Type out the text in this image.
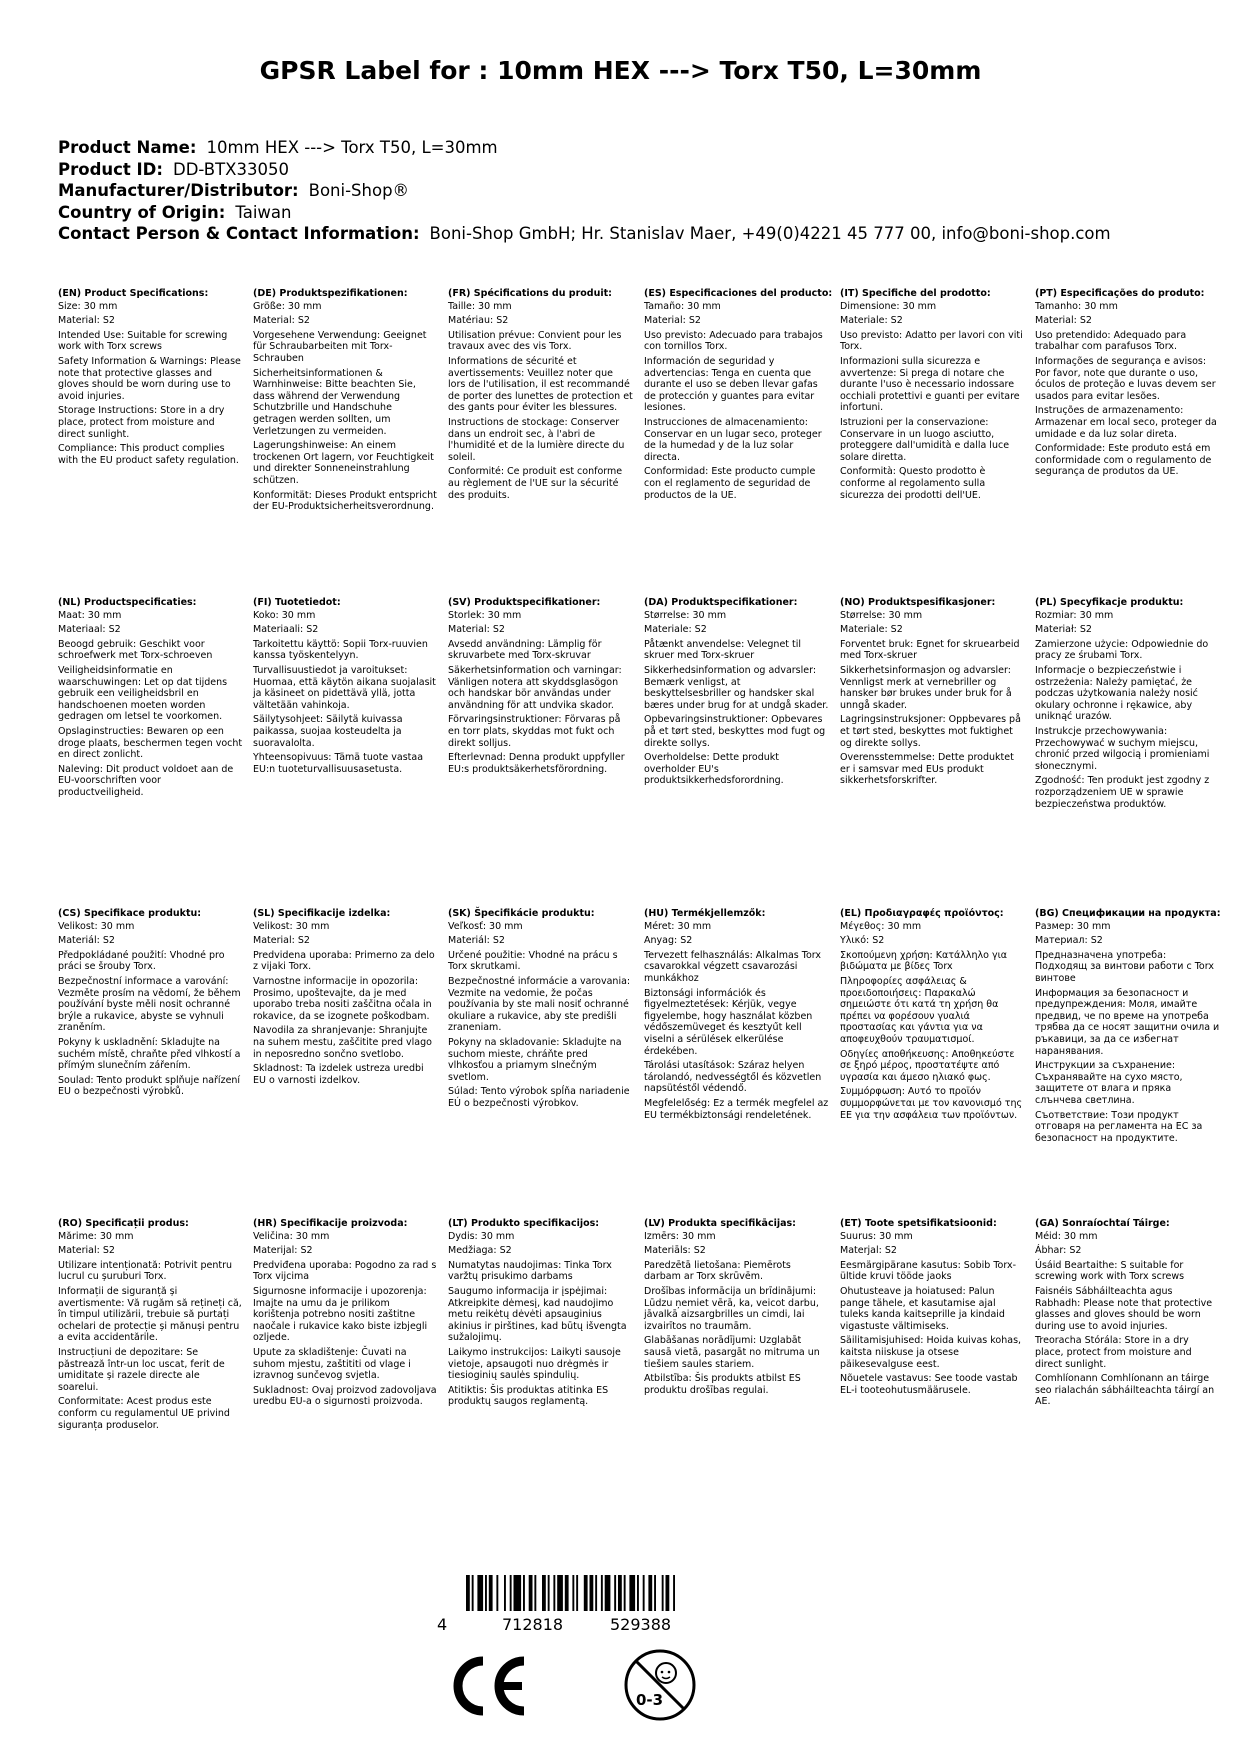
GPSR Label for : 10mm HEX ---> Torx T50, L=30mm
Product Name: 10mm HEX ---> Torx T50, L=30mm
Product ID: DD-BTX33050
Manufacturer/Distributor: Boni-Shop®
Country of Origin: Taiwan
Contact Person & Contact Information: Boni-Shop GmbH; Hr. Stanislav Maer, +49(0)4221 45 777 00, info@boni-shop.com
(EN) Product Specifications:
Size: 30 mm
Material: S2
Intended Use: Suitable for screwing work with Torx screws
Safety Information & Warnings: Please note that protective glasses and gloves should be worn during use to avoid injuries.
Storage Instructions: Store in a dry place, protect from moisture and direct sunlight.
Compliance: This product complies with the EU product safety regulation.
(DE) Produktspezifikationen:
Größe: 30 mm
Material: S2
Vorgesehene Verwendung: Geeignet für Schraubarbeiten mit Torx-Schrauben
Sicherheitsinformationen & Warnhinweise: Bitte beachten Sie, dass während der Verwendung Schutzbrille und Handschuhe getragen werden sollten, um Verletzungen zu vermeiden.
Lagerungshinweise: An einem trockenen Ort lagern, vor Feuchtigkeit und direkter Sonneneinstrahlung schützen.
Konformität: Dieses Produkt entspricht der EU-Produktsicherheitsverordnung.
(FR) Spécifications du produit:
Taille: 30 mm
Matériau: S2
Utilisation prévue: Convient pour les travaux avec des vis Torx.
Informations de sécurité et avertissements: Veuillez noter que lors de l'utilisation, il est recommandé de porter des lunettes de protection et des gants pour éviter les blessures.
Instructions de stockage: Conserver dans un endroit sec, à l'abri de l'humidité et de la lumière directe du soleil.
Conformité: Ce produit est conforme au règlement de l'UE sur la sécurité des produits.
(ES) Especificaciones del producto:
Tamaño: 30 mm
Material: S2
Uso previsto: Adecuado para trabajos con tornillos Torx.
Información de seguridad y advertencias: Tenga en cuenta que durante el uso se deben llevar gafas de protección y guantes para evitar lesiones.
Instrucciones de almacenamiento: Conservar en un lugar seco, proteger de la humedad y de la luz solar directa.
Conformidad: Este producto cumple con el reglamento de seguridad de productos de la UE.
(IT) Specifiche del prodotto:
Dimensione: 30 mm
Materiale: S2
Uso previsto: Adatto per lavori con viti Torx.
Informazioni sulla sicurezza e avvertenze: Si prega di notare che durante l'uso è necessario indossare occhiali protettivi e guanti per evitare infortuni.
Istruzioni per la conservazione: Conservare in un luogo asciutto, proteggere dall'umidità e dalla luce solare diretta.
Conformità: Questo prodotto è conforme al regolamento sulla sicurezza dei prodotti dell'UE.
(PT) Especificações do produto:
Tamanho: 30 mm
Material: S2
Uso pretendido: Adequado para trabalhar com parafusos Torx.
Informações de segurança e avisos: Por favor, note que durante o uso, óculos de proteção e luvas devem ser usados para evitar lesões.
Instruções de armazenamento: Armazenar em local seco, proteger da umidade e da luz solar direta.
Conformidade: Este produto está em conformidade com o regulamento de segurança de produtos da UE.
(NL) Productspecificaties:
Maat: 30 mm
Materiaal: S2
Beoogd gebruik: Geschikt voor schroefwerk met Torx-schroeven
Veiligheidsinformatie en waarschuwingen: Let op dat tijdens gebruik een veiligheidsbril en handschoenen moeten worden gedragen om letsel te voorkomen.
Opslaginstructies: Bewaren op een droge plaats, beschermen tegen vocht en direct zonlicht.
Naleving: Dit product voldoet aan de EU-voorschriften voor productveiligheid.
(FI) Tuotetiedot:
Koko: 30 mm
Materiaali: S2
Tarkoitettu käyttö: Sopii Torx-ruuvien kanssa työskentelyyn.
Turvallisuustiedot ja varoitukset: Huomaa, että käytön aikana suojalasit ja käsineet on pidettävä yllä, jotta vältetään vahinkoja.
Säilytysohjeet: Säilytä kuivassa paikassa, suojaa kosteudelta ja suoravalolta.
Yhteensopivuus: Tämä tuote vastaa EU:n tuoteturvallisuusasetusta.
(SV) Produktspecifikationer:
Storlek: 30 mm
Material: S2
Avsedd användning: Lämplig för skruvarbete med Torx-skruvar
Säkerhetsinformation och varningar: Vänligen notera att skyddsglasögon och handskar bör användas under användning för att undvika skador.
Förvaringsinstruktioner: Förvaras på en torr plats, skyddas mot fukt och direkt solljus.
Efterlevnad: Denna produkt uppfyller EU:s produktsäkerhetsförordning.
(DA) Produktspecifikationer:
Størrelse: 30 mm
Materiale: S2
Påtænkt anvendelse: Velegnet til skruer med Torx-skruer
Sikkerhedsinformation og advarsler: Bemærk venligst, at beskyttelsesbriller og handsker skal bæres under brug for at undgå skader.
Opbevaringsinstruktioner: Opbevares på et tørt sted, beskyttes mod fugt og direkte sollys.
Overholdelse: Dette produkt overholder EU's produktsikkerhedsforordning.
(NO) Produktspesifikasjoner:
Størrelse: 30 mm
Materiale: S2
Forventet bruk: Egnet for skruearbeid med Torx-skruer
Sikkerhetsinformasjon og advarsler: Vennligst merk at vernebriller og hansker bør brukes under bruk for å unngå skader.
Lagringsinstruksjoner: Oppbevares på et tørt sted, beskyttes mot fuktighet og direkte sollys.
Overensstemmelse: Dette produktet er i samsvar med EUs produkt sikkerhetsforskrifter.
(PL) Specyfikacje produktu:
Rozmiar: 30 mm
Materiał: S2
Zamierzone użycie: Odpowiednie do pracy ze śrubami Torx.
Informacje o bezpieczeństwie i ostrzeżenia: Należy pamiętać, że podczas użytkowania należy nosić okulary ochronne i rękawice, aby uniknąć urazów.
Instrukcje przechowywania: Przechowywać w suchym miejscu, chronić przed wilgocią i promieniami słonecznymi.
Zgodność: Ten produkt jest zgodny z rozporządzeniem UE w sprawie bezpieczeństwa produktów.
(CS) Specifikace produktu:
Velikost: 30 mm
Materiál: S2
Předpokládané použití: Vhodné pro práci se šrouby Torx.
Bezpečnostní informace a varování: Vezměte prosím na vědomí, že během používání byste měli nosit ochranné brýle a rukavice, abyste se vyhnuli zraněním.
Pokyny k uskladnění: Skladujte na suchém místě, chraňte před vlhkostí a přímým slunečním zářením.
Soulad: Tento produkt splňuje nařízení EU o bezpečnosti výrobků.
(SL) Specifikacije izdelka:
Velikost: 30 mm
Material: S2
Predvidena uporaba: Primerno za delo z vijaki Torx.
Varnostne informacije in opozorila: Prosimo, upoštevajte, da je med uporabo treba nositi zaščitna očala in rokavice, da se izognete poškodbam.
Navodila za shranjevanje: Shranjujte na suhem mestu, zaščitite pred vlago in neposredno sončno svetlobo.
Skladnost: Ta izdelek ustreza uredbi EU o varnosti izdelkov.
(SK) Špecifikácie produktu:
Veľkosť: 30 mm
Materiál: S2
Určené použitie: Vhodné na prácu s Torx skrutkami.
Bezpečnostné informácie a varovania: Vezmite na vedomie, že počas používania by ste mali nosiť ochranné okuliare a rukavice, aby ste predišli zraneniam.
Pokyny na skladovanie: Skladujte na suchom mieste, chráňte pred vlhkosťou a priamym slnečným svetlom.
Súlad: Tento výrobok spĺňa nariadenie EÚ o bezpečnosti výrobkov.
(HU) Termékjellemzők:
Méret: 30 mm
Anyag: S2
Tervezett felhasználás: Alkalmas Torx csavarokkal végzett csavarozási munkákhoz
Biztonsági információk és figyelmeztetések: Kérjük, vegye figyelembe, hogy használat közben védőszemüveget és kesztyűt kell viselni a sérülések elkerülése érdekében.
Tárolási utasítások: Száraz helyen tárolandó, nedvességtől és közvetlen napsütéstől védendő.
Megfelelőség: Ez a termék megfelel az EU termékbiztonsági rendeletének.
(EL) Προδιαγραφές προϊόντος:
Μέγεθος: 30 mm
Υλικό: S2
Σκοπούμενη χρήση: Κατάλληλο για βιδώματα με βίδες Torx
Πληροφορίες ασφάλειας & προειδοποιήσεις: Παρακαλώ σημειώστε ότι κατά τη χρήση θα πρέπει να φορέσουν γυαλιά προστασίας και γάντια για να αποφευχθούν τραυματισμοί.
Οδηγίες αποθήκευσης: Αποθηκεύστε σε ξηρό μέρος, προστατέψτε από υγρασία και άμεσο ηλιακό φως.
Συμμόρφωση: Αυτό το προϊόν συμμορφώνεται με τον κανονισμό της ΕΕ για την ασφάλεια των προϊόντων.
(BG) Спецификации на продукта:
Размер: 30 mm
Материал: S2
Предназначена употреба: Подходящ за винтови работи с Torx винтове
Информация за безопасност и предупреждения: Моля, имайте предвид, че по време на употреба трябва да се носят защитни очила и ръкавици, за да се избегнат наранявания.
Инструкции за съхранение: Съхранявайте на сухо място, защитете от влага и пряка слънчева светлина.
Съответствие: Този продукт отговаря на регламента на ЕС за безопасност на продуктите.
(RO) Specificații produs:
Mărime: 30 mm
Material: S2
Utilizare intenționată: Potrivit pentru lucrul cu șuruburi Torx.
Informații de siguranță și avertismente: Vă rugăm să rețineți că, în timpul utilizării, trebuie să purtați ochelari de protecție și mănuși pentru a evita accidentările.
Instrucțiuni de depozitare: Se păstrează într-un loc uscat, ferit de umiditate și razele directe ale soarelui.
Conformitate: Acest produs este conform cu regulamentul UE privind siguranța produselor.
(HR) Specifikacije proizvoda:
Veličina: 30 mm
Materijal: S2
Predviđena uporaba: Pogodno za rad s Torx vijcima
Sigurnosne informacije i upozorenja: Imajte na umu da je prilikom korištenja potrebno nositi zaštitne naočale i rukavice kako biste izbjegli ozljede.
Upute za skladištenje: Čuvati na suhom mjestu, zaštititi od vlage i izravnog sunčevog svjetla.
Sukladnost: Ovaj proizvod zadovoljava uredbu EU-a o sigurnosti proizvoda.
(LT) Produkto specifikacijos:
Dydis: 30 mm
Medžiaga: S2
Numatytas naudojimas: Tinka Torx varžtų prisukimo darbams
Saugumo informacija ir įspėjimai: Atkreipkite dėmesį, kad naudojimo metu reikėtų dėvėti apsauginius akinius ir pirštines, kad būtų išvengta sužalojimų.
Laikymo instrukcijos: Laikyti sausoje vietoje, apsaugoti nuo drėgmės ir tiesioginių saulės spindulių.
Atitiktis: Šis produktas atitinka ES produktų saugos reglamentą.
(LV) Produkta specifikācijas:
Izmērs: 30 mm
Materiāls: S2
Paredzētā lietošana: Piemērots darbam ar Torx skrūvēm.
Drošības informācija un brīdinājumi: Lūdzu ņemiet vērā, ka, veicot darbu, jāvalkā aizsargbrilles un cimdi, lai izvairītos no traumām.
Glabāšanas norādījumi: Uzglabāt sausā vietā, pasargāt no mitruma un tiešiem saules stariem.
Atbilstība: Šis produkts atbilst ES produktu drošības regulai.
(ET) Toote spetsifikatsioonid:
Suurus: 30 mm
Materjal: S2
Eesmärgipärane kasutus: Sobib Torx-ültide kruvi tööde jaoks
Ohutusteave ja hoiatused: Palun pange tähele, et kasutamise ajal tuleks kanda kaitseprille ja kindaid vigastuste vältimiseks.
Säilitamisjuhised: Hoida kuivas kohas, kaitsta niiskuse ja otsese päikesevalguse eest.
Nõuetele vastavus: See toode vastab EL-i tooteohutusmäärusele.
(GA) Sonraíochtaí Táirge:
Méid: 30 mm
Ábhar: S2
Úsáid Beartaithe: S suitable for screwing work with Torx screws
Faisnéis Sábháilteachta agus Rabhadh: Please note that protective glasses and gloves should be worn during use to avoid injuries.
Treoracha Stórála: Store in a dry place, protect from moisture and direct sunlight.
Comhlíonann Comhlíonann an táirge seo rialachán sábháilteachta táirgí an AE.
4	712818	529388
0-3
